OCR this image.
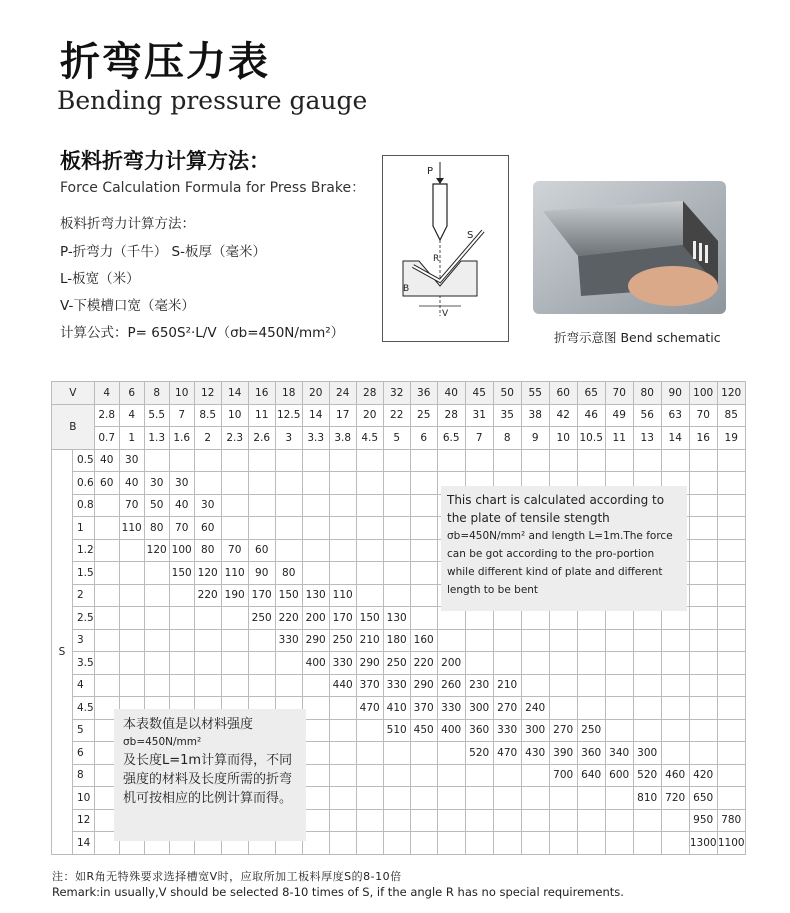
折弯压力表
Bending pressure gauge
板料折弯力计算方法：
Force Calculation Formula for Press Brake：
板料折弯力计算方法：
P-折弯力（千牛） S-板厚（毫米）
L-板宽（米）
V-下模槽口宽（毫米）
计算公式：P= 650S²·L/V（σb=450N/mm²）
P
S
R
B
V
折弯示意图 Bend schematic
V		4	6	8	10	12	14	16	18	20	24	28	32	36	40	45	50	55	60	65	70	80	90	100	120
B		2.8	4	5.5	7	8.5	10	11	12.5	14	17	20	22	25	28	31	35	38	42	46	49	56	63	70	85
		0.7	1	1.3	1.6	2	2.3	2.6	3	3.3	3.8	4.5	5	6	6.5	7	8	9	10	10.5	11	13	14	16	19
S	0.5	40	30																						
	0.6	60	40	30	30																				
	0.8		70	50	40	30																			
	1		110	80	70	60																			
	1.2			120	100	80	70	60																	
	1.5				150	120	110	90	80																
	2					220	190	170	150	130	110														
	2.5							250	220	200	170	150	130												
	3								330	290	250	210	180	160											
	3.5									400	330	290	250	220	200										
	4										440	370	330	290	260	230	210								
	4.5											470	410	370	330	300	270	240							
	5												510	450	400	360	330	300	270	250					
	6															520	470	430	390	360	340	300			
	8																		700	640	600	520	460	420	
	10																					810	720	650	
	12																							950	780
	14																							1300	1100
This chart is calculated according to the plate of tensile stength
σb=450N/mm² and length L=1m.The force can be got according to the pro-portion while different kind of plate and different length to be bent
本表数值是以材料强度
σb=450N/mm²
及长度L=1m计算而得，不同强度的材料及长度所需的折弯机可按相应的比例计算而得。
注：如R角无特殊要求选择槽宽V时，应取所加工板料厚度S的8-10倍
Remark:in usually,V should be selected 8-10 times of S, if the angle R has no special requirements.
